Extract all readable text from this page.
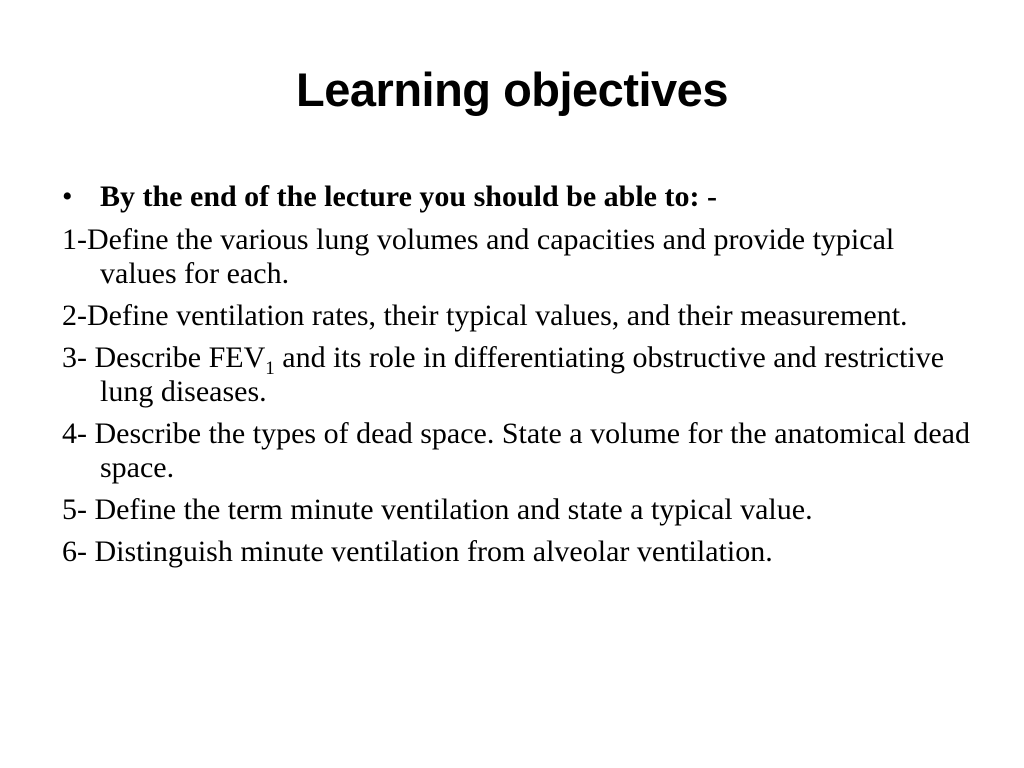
Learning objectives
• By the end of the lecture you should be able to: -
1-Define the various lung volumes and capacities and provide typical values for each.
2-Define ventilation rates, their typical values, and their measurement.
3- Describe $FEV_1$ and its role in differentiating obstructive and restrictive lung diseases.
4- Describe the types of dead space. State a volume for the anatomical dead space.
5- Define the term minute ventilation and state a typical value.
6- Distinguish minute ventilation from alveolar ventilation.
